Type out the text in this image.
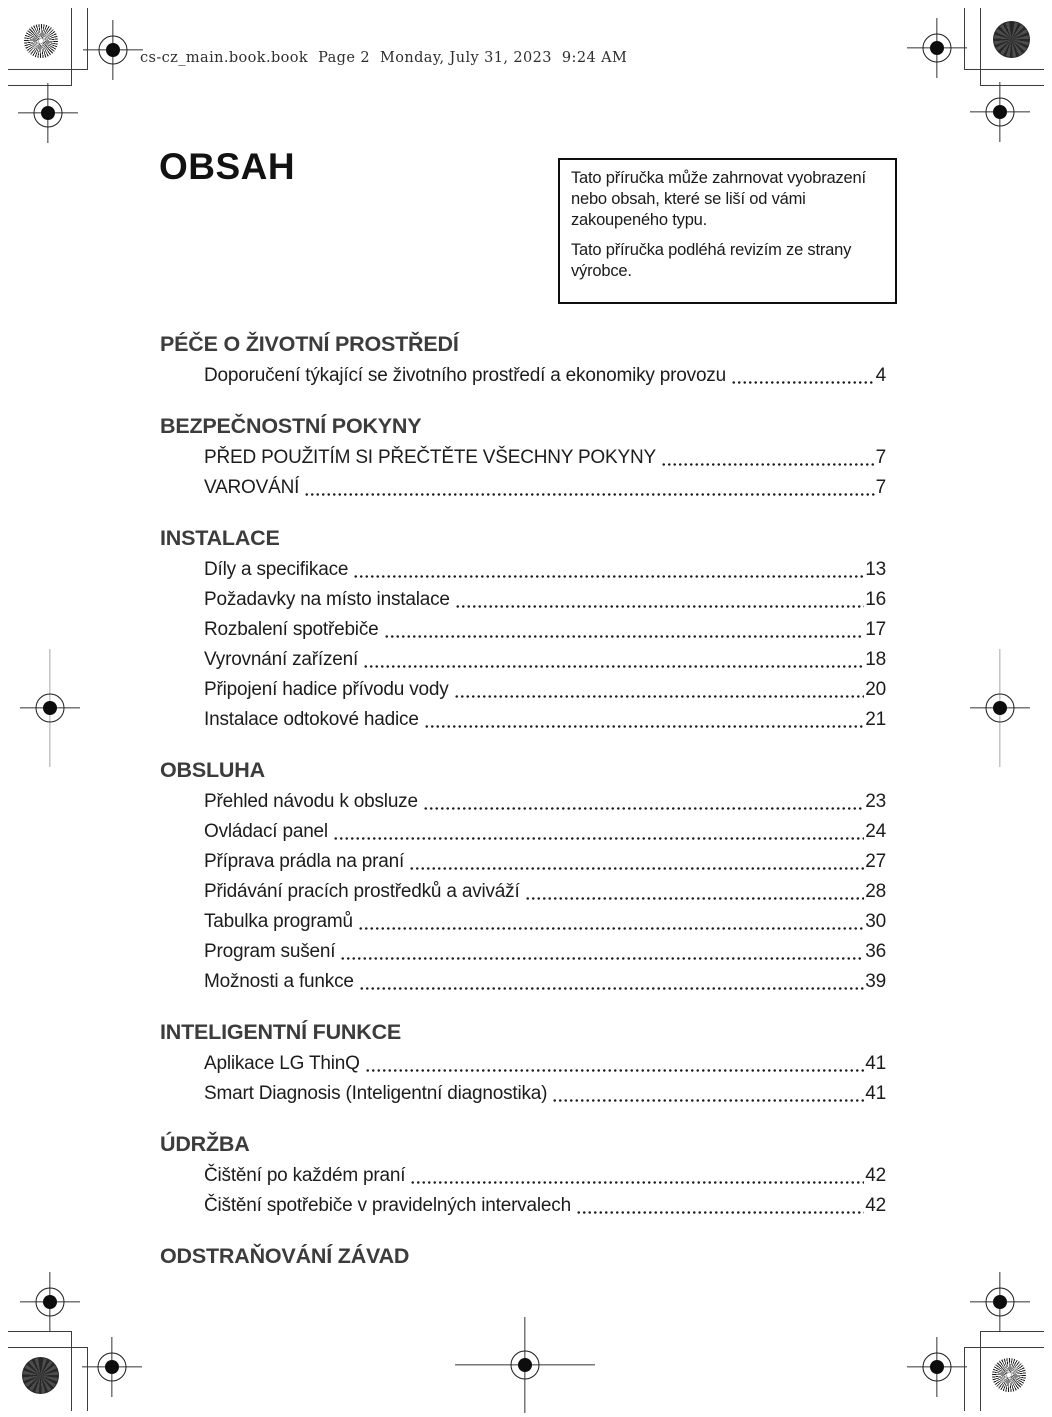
cs-cz_main.book.book  Page 2  Monday, July 31, 2023  9:24 AM
OBSAH	Tato příručka může zahrnovat vyobrazení nebo obsah, které se liší od vámi zakoupeného typu.

Tato příručka podléhá revizím ze strany výrobce.

PÉČE O ŽIVOTNÍ PROSTŘEDÍ
Doporučení týkající se životního prostředí a ekonomiky provozu	4
BEZPEČNOSTNÍ POKYNY
PŘED POUŽITÍM SI PŘEČTĚTE VŠECHNY POKYNY	7
VAROVÁNÍ	7
INSTALACE
Díly a specifikace	13
Požadavky na místo instalace	16
Rozbalení spotřebiče	17
Vyrovnání zařízení	18
Připojení hadice přívodu vody	20
Instalace odtokové hadice	21
OBSLUHA
Přehled návodu k obsluze	23
Ovládací panel	24
Příprava prádla na praní	27
Přidávání pracích prostředků a aviváží	28
Tabulka programů	30
Program sušení	36
Možnosti a funkce	39
INTELIGENTNÍ FUNKCE
Aplikace LG ThinQ	41
Smart Diagnosis (Inteligentní diagnostika)	41
ÚDRŽBA
Čištění po každém praní	42
Čištění spotřebiče v pravidelných intervalech	42
ODSTRAŇOVÁNÍ ZÁVAD
